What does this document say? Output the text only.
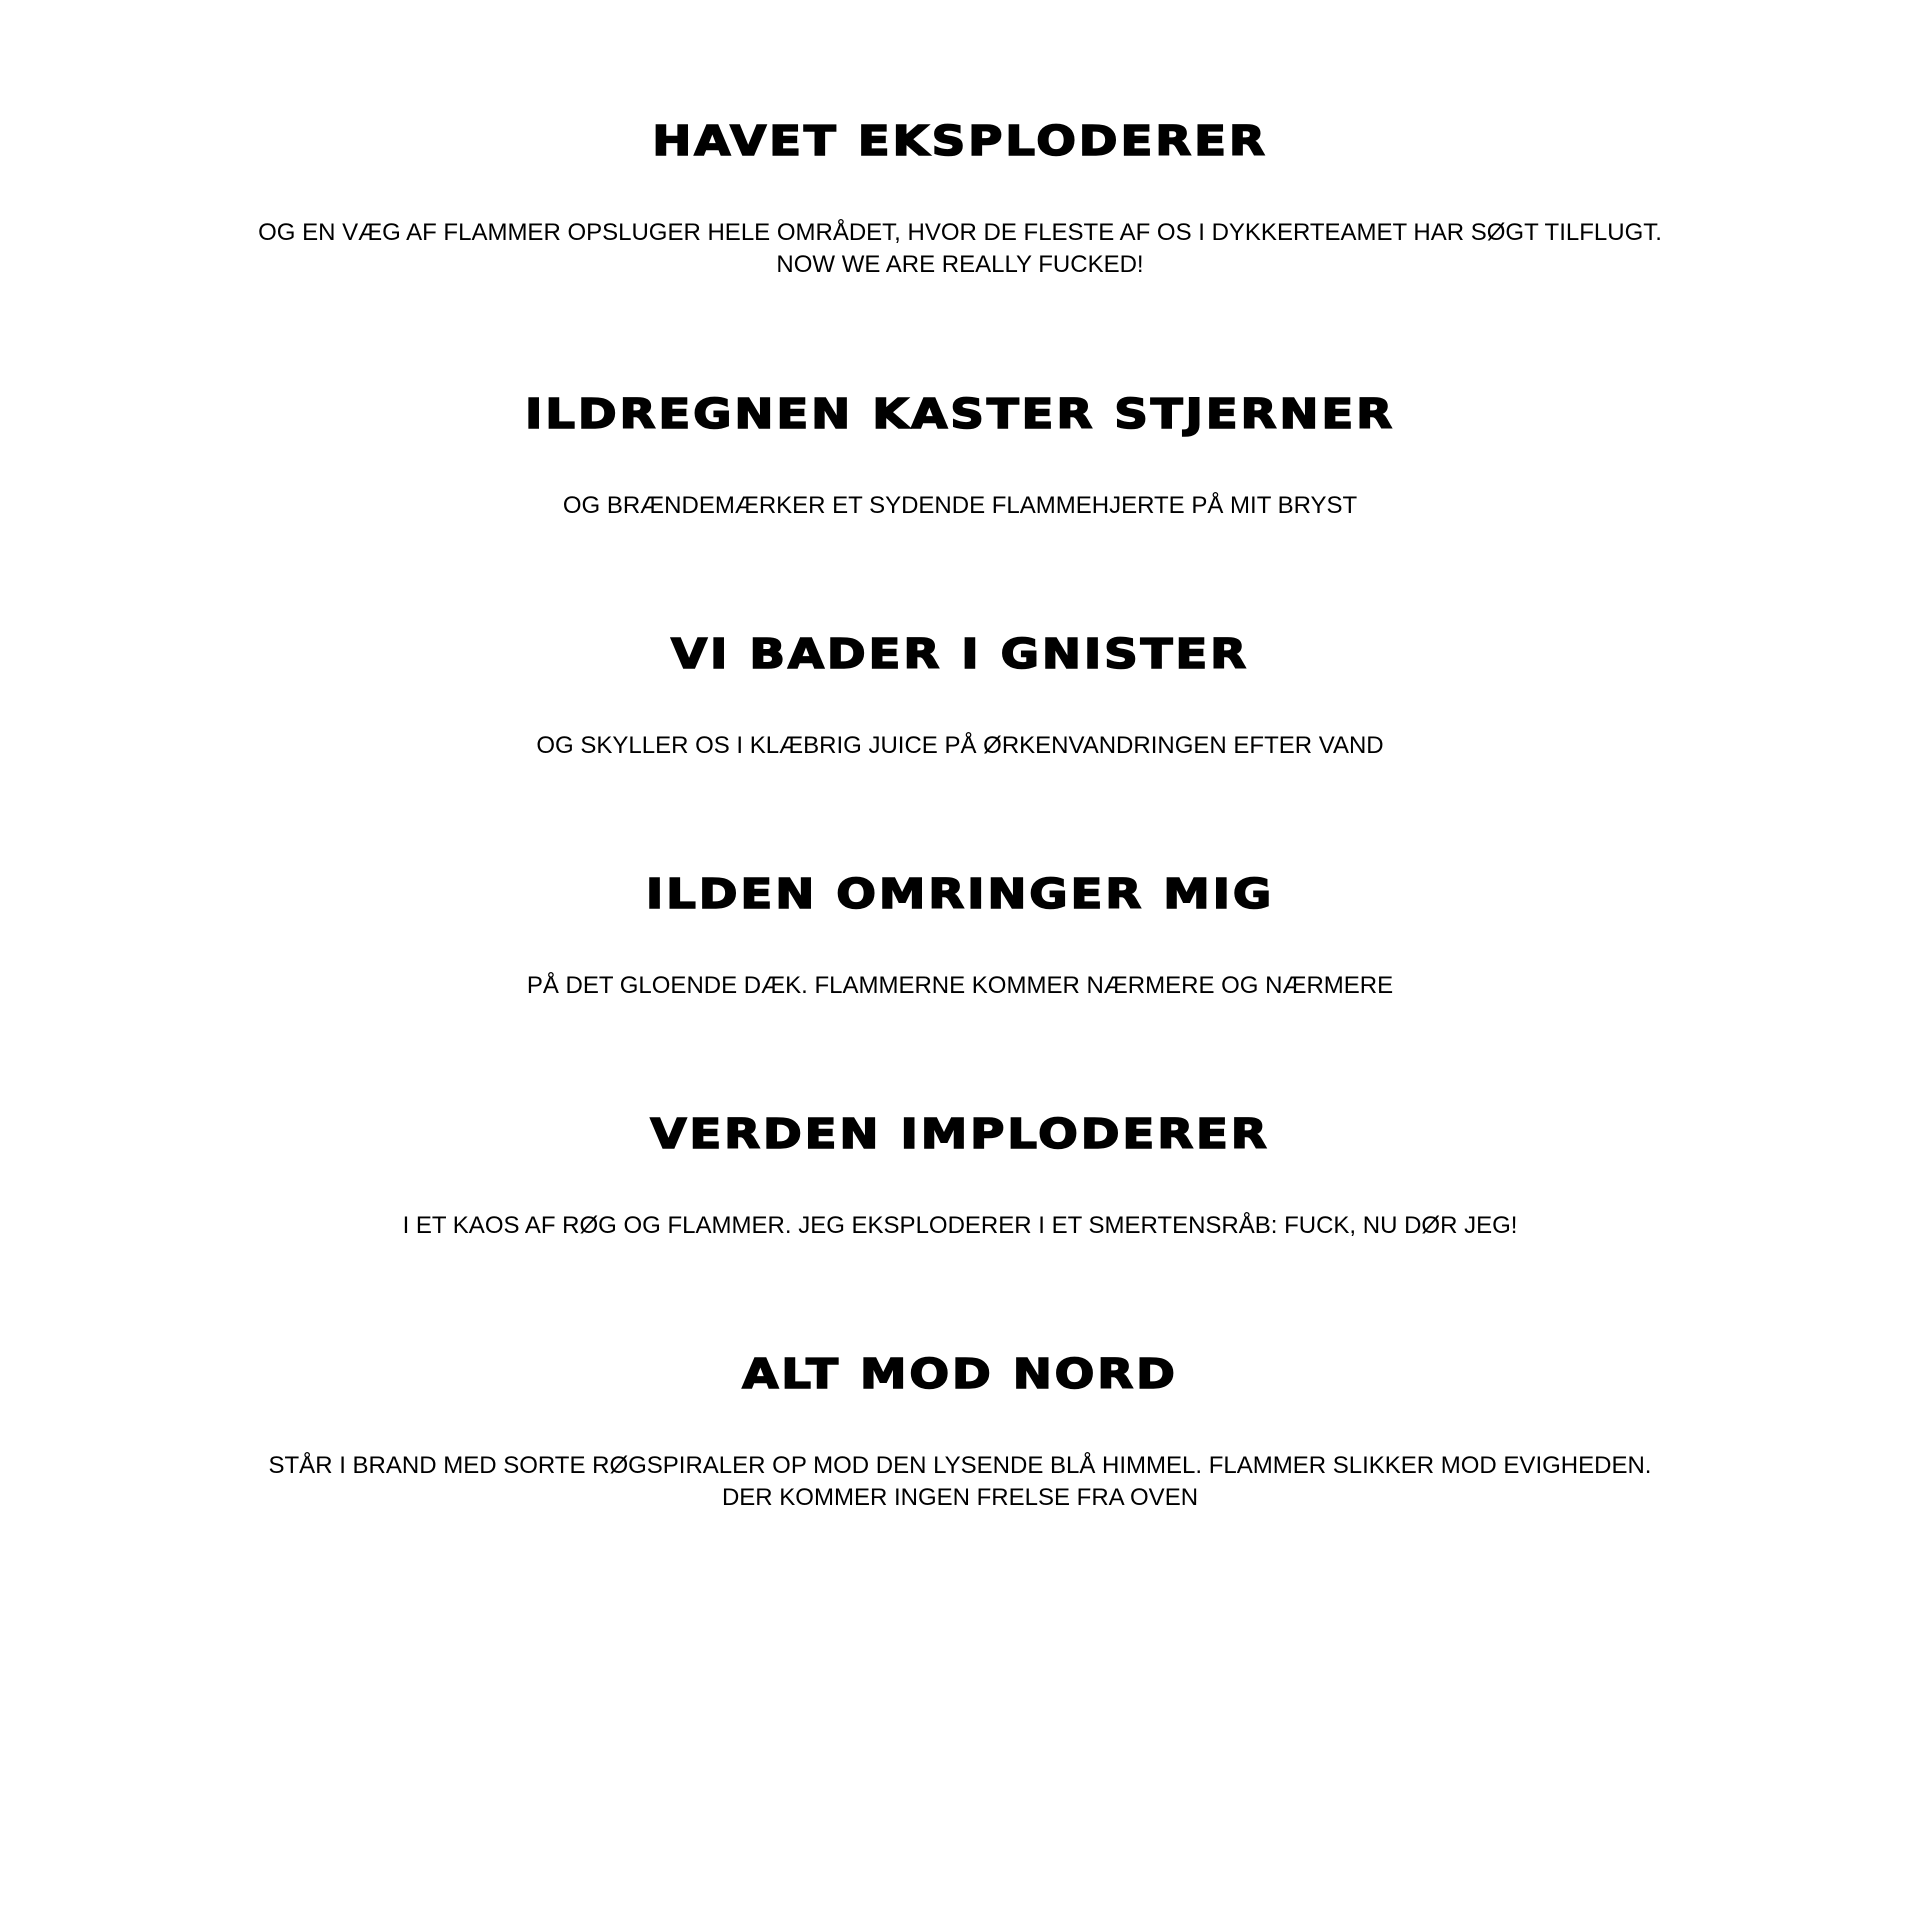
HAVET EKSPLODERER

OG EN VÆG AF FLAMMER OPSLUGER HELE OMRÅDET, HVOR DE FLESTE AF OS I DYKKERTEAMET HAR SØGT TILFLUGT.
NOW WE ARE REALLY FUCKED!

ILDREGNEN KASTER STJERNER

OG BRÆNDEMÆRKER ET SYDENDE FLAMMEHJERTE PÅ MIT BRYST

VI BADER I GNISTER

OG SKYLLER OS I KLÆBRIG JUICE PÅ ØRKENVANDRINGEN EFTER VAND

ILDEN OMRINGER MIG

PÅ DET GLOENDE DÆK. FLAMMERNE KOMMER NÆRMERE OG NÆRMERE

VERDEN IMPLODERER

I ET KAOS AF RØG OG FLAMMER. JEG EKSPLODERER I ET SMERTENSRÅB: FUCK, NU DØR JEG!

ALT MOD NORD

STÅR I BRAND MED SORTE RØGSPIRALER OP MOD DEN LYSENDE BLÅ HIMMEL. FLAMMER SLIKKER MOD EVIGHEDEN.
DER KOMMER INGEN FRELSE FRA OVEN
